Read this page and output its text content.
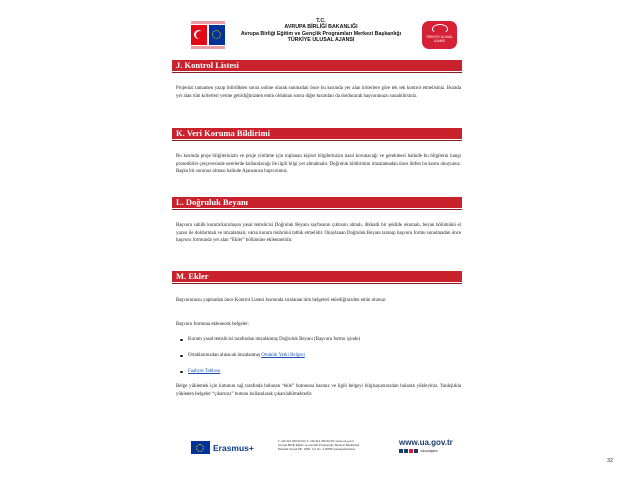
T.C.
AVRUPA BİRLİĞİ BAKANLIĞI
Avrupa Birliği Eğitim ve Gençlik Programları Merkezi Başkanlığı
TÜRKİYE ULUSAL AJANSI
TÜRKİYE ULUSAL AJANSI
J. Kontrol Listesi
Projenizi tamamen yazıp bitirdikten sonra online olarak sunmadan önce bu kısımda yer alan kriterlere göre tek tek kontrol etmelisiniz. Burada yer alan tüm kriterleri yerine getirdiğinizden emin olduktan sonra diğer kısımları da doldurarak başvurunuzu sunabilirsiniz.
K. Veri Koruma Bildirimi
Bu kısımda proje bilgilerinizin ve proje yürütme için toplanan kişisel bilgilerinizin nasıl korunacağı ve gerekmesi halinde bu bilgilerin hangi prosedürler çerçevesinde nerelerde kullanılacağı ile ilgili bilgi yer almaktadır. Doğruluk bildirimini imzalamadan önce lütfen bu kısmı okuyunuz. Başka bir sorunuz olması halinde Ajansınıza başvurunuz.
L. Doğruluk Beyanı
Başvuru sahibi kurum/kuruluşun yasal temsilcisi Doğruluk Beyanı sayfasının çıktısını almalı, dikkatli bir şekilde okumalı, beyan bölümünü el yazısı ile doldurmalı ve imzalamalı, varsa kurum mührünü tatbik etmelidir. Onaylanan Doğruluk Beyanı taranıp başvuru formu sunulmadan önce başvuru formunda yer alan “Ekler” bölümüne eklenmelidir.
M. Ekler
Başvurunuzu yapmadan önce Kontrol Listesi kısmında sıralanan tüm belgeleri eklediğinizden emin olunuz:
Başvuru formuna eklenecek belgeler:
Kurum yasal temsilcisi tarafından imzalanmış Doğruluk Beyanı (Başvuru formu içinde)
Ortaklarınızdan alınacak imzalanmış Ortaklık Yetki Belgesi
Faaliyet Tablosu
Belge yüklemek için kutunun sağ tarafında bulunan “ekle” butonuna basınız ve ilgili belgeyi bilgisayarınızdan bularak yükleyiniz. Yanlışlıkla yüklenen belgeler “çıkarınız” butonu kullanılarak çıkarılabilmektedir.
Erasmus+
T +90 312 409 60 00 | F +90 312 409 60 09 | www.ua.gov.tr
Avrupa Birliği Eğitim ve Gençlik Programları Merkezi Başkanlığı
Mustafa Kemal Mh. 2082. Cd. No: 4 06530 Çankaya/Ankara
www.ua.gov.tr
/ulusalajans
32
